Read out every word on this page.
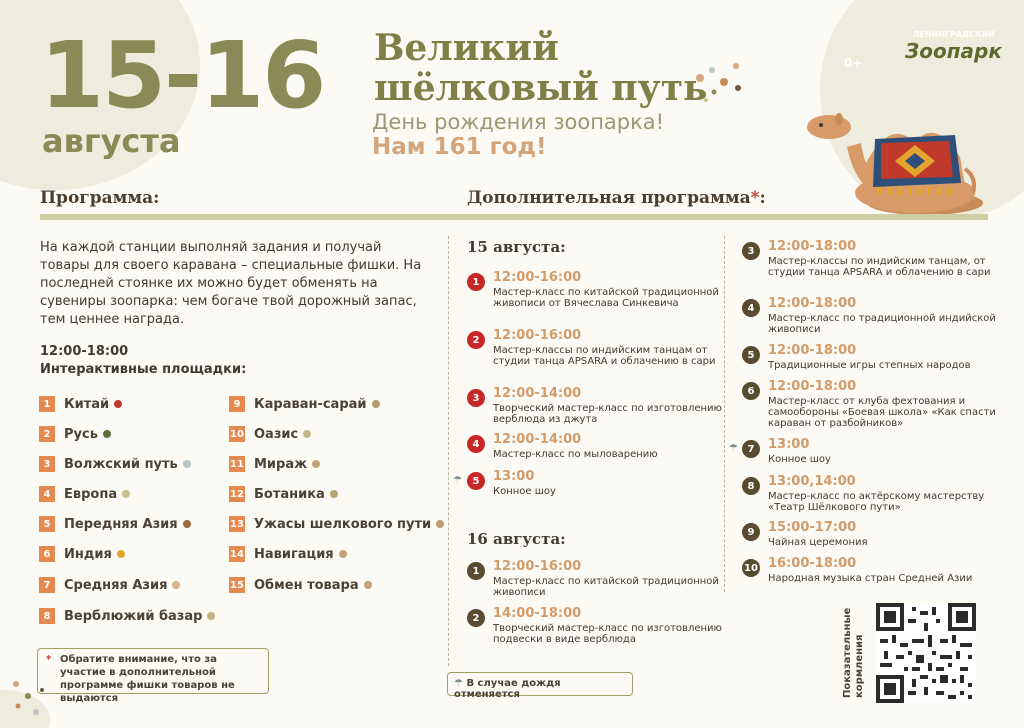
15-16
августа
Великий
шёлковый путь
День рождения зоопарка!
Нам 161 год!
ЛЕНИНГРАДСКИЙ
Зоопарк
0+
Программа:	Дополнительная программа*:
На каждой станции выполняй задания и получай товары для своего каравана – специальные фишки. На последней стоянке их можно будет обменять на сувениры зоопарка: чем богаче твой дорожный запас, тем ценнее награда.
12:00-18:00
Интерактивные площадки:
1	Китай
2	Русь
3	Волжский путь
4	Европа
5	Передняя Азия
6	Индия
7	Средняя Азия
8	Верблюжий базар
9	Караван-сарай
10 Оазис
11 Мираж
12 Ботаника
13 Ужасы шелкового пути
14 Навигация
15 Обмен товара
* Обратите внимание, что за участие в дополнительной программе фишки товаров не выдаются
15 августа:
1	12:00-16:00
Мастер-класс по китайской традиционной живописи от Вячеслава Синкевича
2	12:00-16:00
Мастер-классы по индийским танцам от студии танца APSARA и облачению в сари
3	12:00-14:00
Творческий мастер-класс по изготовлению верблюда из джута
4	12:00-14:00
Мастер-класс по мыловарению
☂	5	13:00
Конное шоу
16 августа:
1	12:00-16:00
Мастер-класс по китайской традиционной живописи
2	14:00-18:00
Творческий мастер-класс по изготовлению подвески в виде верблюда
☂ В случае дождя отменяется
3	12:00-18:00
Мастер-классы по индийским танцам, от студии танца APSARA и облачению в сари
4	12:00-18:00
Мастер-класс по традиционной индийской живописи
5	12:00-18:00
Традиционные игры степных народов
6	12:00-18:00
Мастер-класс от клуба фехтования и самообороны «Боевая школа» «Как спасти караван от разбойников»
☂ 7	13:00
Конное шоу
8	13:00,14:00
Мастер-класс по актёрскому мастерству «Театр Шёлкового пути»
9	15:00-17:00
Чайная церемония
10 16:00-18:00
Народная музыка стран Средней Азии
Показательные кормления
